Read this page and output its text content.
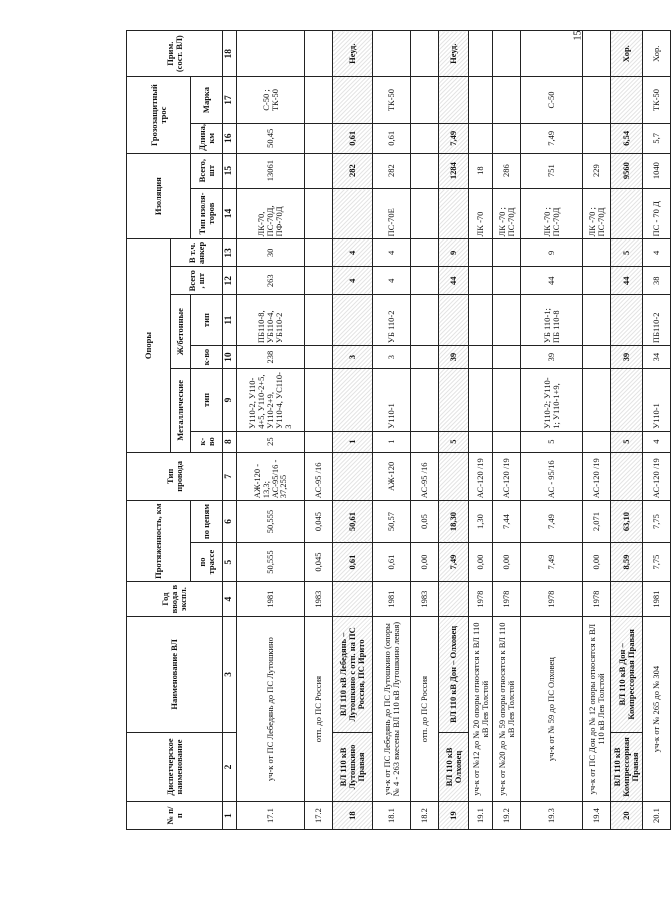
15
№ п/п	Диспетчерское наименование	Наименование ВЛ	Год ввода в экспл.	Протяженность, км		Тип провода	Опоры						Изоляция		Грозозащитный трос		Прим. (сост. ВЛ)
							Металлические		Ж/бетонные		Всего , шт	В т.ч. анкер					
				по трассе	по цепям		к-во	тип	к-во	тип			Тип изоля-торов	Всего, шт	Длина, км	Марка	
1	2	3	4	5	6	7	8	9	10	11	12	13	14	15	16	17	18
17.1	уч-к от ПС Лебедянь до ПС Лутошкино		1981	50,555	50,555	АЖ-120 - 13,3; АС-95/16 - 37,255	25	У110-2, У110-4+5, У110-2+5, У110-2+9, У110-4, УС110-3	238	ПБ110-8, УБ110-4, УБ110-2	263	30	ЛК-70, ПС-70Д, ПФ-70Д	13061	50,45	С-50 ; ТК-50	
17.2	отп. до ПС Россия		1983	0,045	0,045	АС-95 /16											
18	ВЛ 110 кВ Лутошкино Правая	ВЛ 110 кВ Лебедянь – Лутошкино с отп. на ПС Россия, ПС Ирито		0,61	50,61		1		3		4	4		282	0,61		Неуд.
18.1	уч-к от ПС Лебедянь до ПС Лутошкино (опоры № 4 - 263 вкесены ВЛ 110 кВ Лутошкино левая)		1981	0,61	50,57	АЖ-120	1	У110-1	3	УБ 110-2	4	4	ПС-70Е	282	0,61	ТК-50	
18.2	отп. до ПС Россия		1983	0,00	0,05	АС-95 /16											
19	ВЛ 110 кВ Олховец	ВЛ 110 кВ Дон – Олховец		7,49	18,30		5		39		44	9		1284	7,49		Неуд.
19.1	уч-к от №12 до № 20 опоры относятся к ВЛ 110 кВ Лев Толстой		1978	0,00	1,30	АС-120 /19							ЛК -70	18			
19.2	уч-к от №20 до № 59 опоры относятся к ВЛ 110 кВ Лев Толстой		1978	0,00	7,44	АС-120 /19							ЛК -70 ; ПС-70Д	286			
19.3	уч-к от № 59 до ПС Олховец		1978	7,49	7,49	АС - 95/16	5	У110-2; У110-1; У110-1+9,	39	УБ 110-1; ПБ 110-8	44	9	ЛК -70 ; ПС-70Д	751	7,49	С-50	
19.4	уч-к от ПС Дон до № 12 опоры относятся к ВЛ 110 кВ Лев Толстой		1978	0,00	2,071	АС-120 /19							ЛК -70 ; ПС-70Д	229			
20	ВЛ 110 кВ Компрессорная Правая	ВЛ 110 кВ Дон – Компрессорная Правая		8,59	63,10		5		39		44	5		9560	6,54		Хор.
20.1	уч-к от № 265 до № 304		1981	7,75	7,75	АС-120 /19	4	У110-1	34	ПБ110-2	38	4	ПС - 70 Д	1040	5,7	ТК-50	Хор.
